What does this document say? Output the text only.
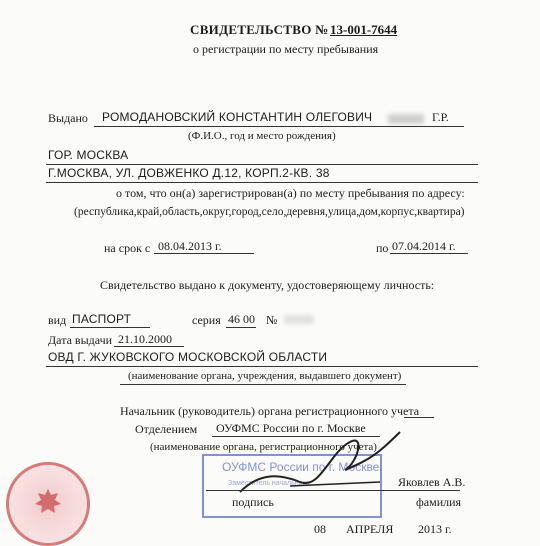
СВИДЕТЕЛЬСТВО № 13-001-7644
о регистрации по месту пребывания
Выдано РОМОДАНОВСКИЙ КОНСТАНТИН ОЛЕГОВИЧ	Г.Р.
(Ф.И.О., год и место рождения)
ГОР. МОСКВА
Г.МОСКВА, УЛ. ДОВЖЕНКО Д.12, КОРП.2-КВ. 38
о том, что он(а) зарегистрирован(а) по месту пребывания по адресу:
(республика,край,область,округ,город,село,деревня,улица,дом,корпус,квартира)
на срок с 08.04.2013 г.	по 07.04.2014 г.
Свидетельство выдано к документу, удостоверяющему личность:
вид ПАСПОРТ	серия 46 00 №
Дата выдачи 21.10.2000
ОВД Г. ЖУКОВСКОГО МОСКОВСКОЙ ОБЛАСТИ
(наименование органа, учреждения, выдавшего документ)
Начальник (руководитель) органа регистрационного учета
Отделением ОУФМС России по г. Москве
(наименование органа, регистрационного учета)
ОУФМС России по г. Москве
Заместитель начальника	Яковлев А.В.
подпись	фамилия
08 АПРЕЛЯ 2013 г.
